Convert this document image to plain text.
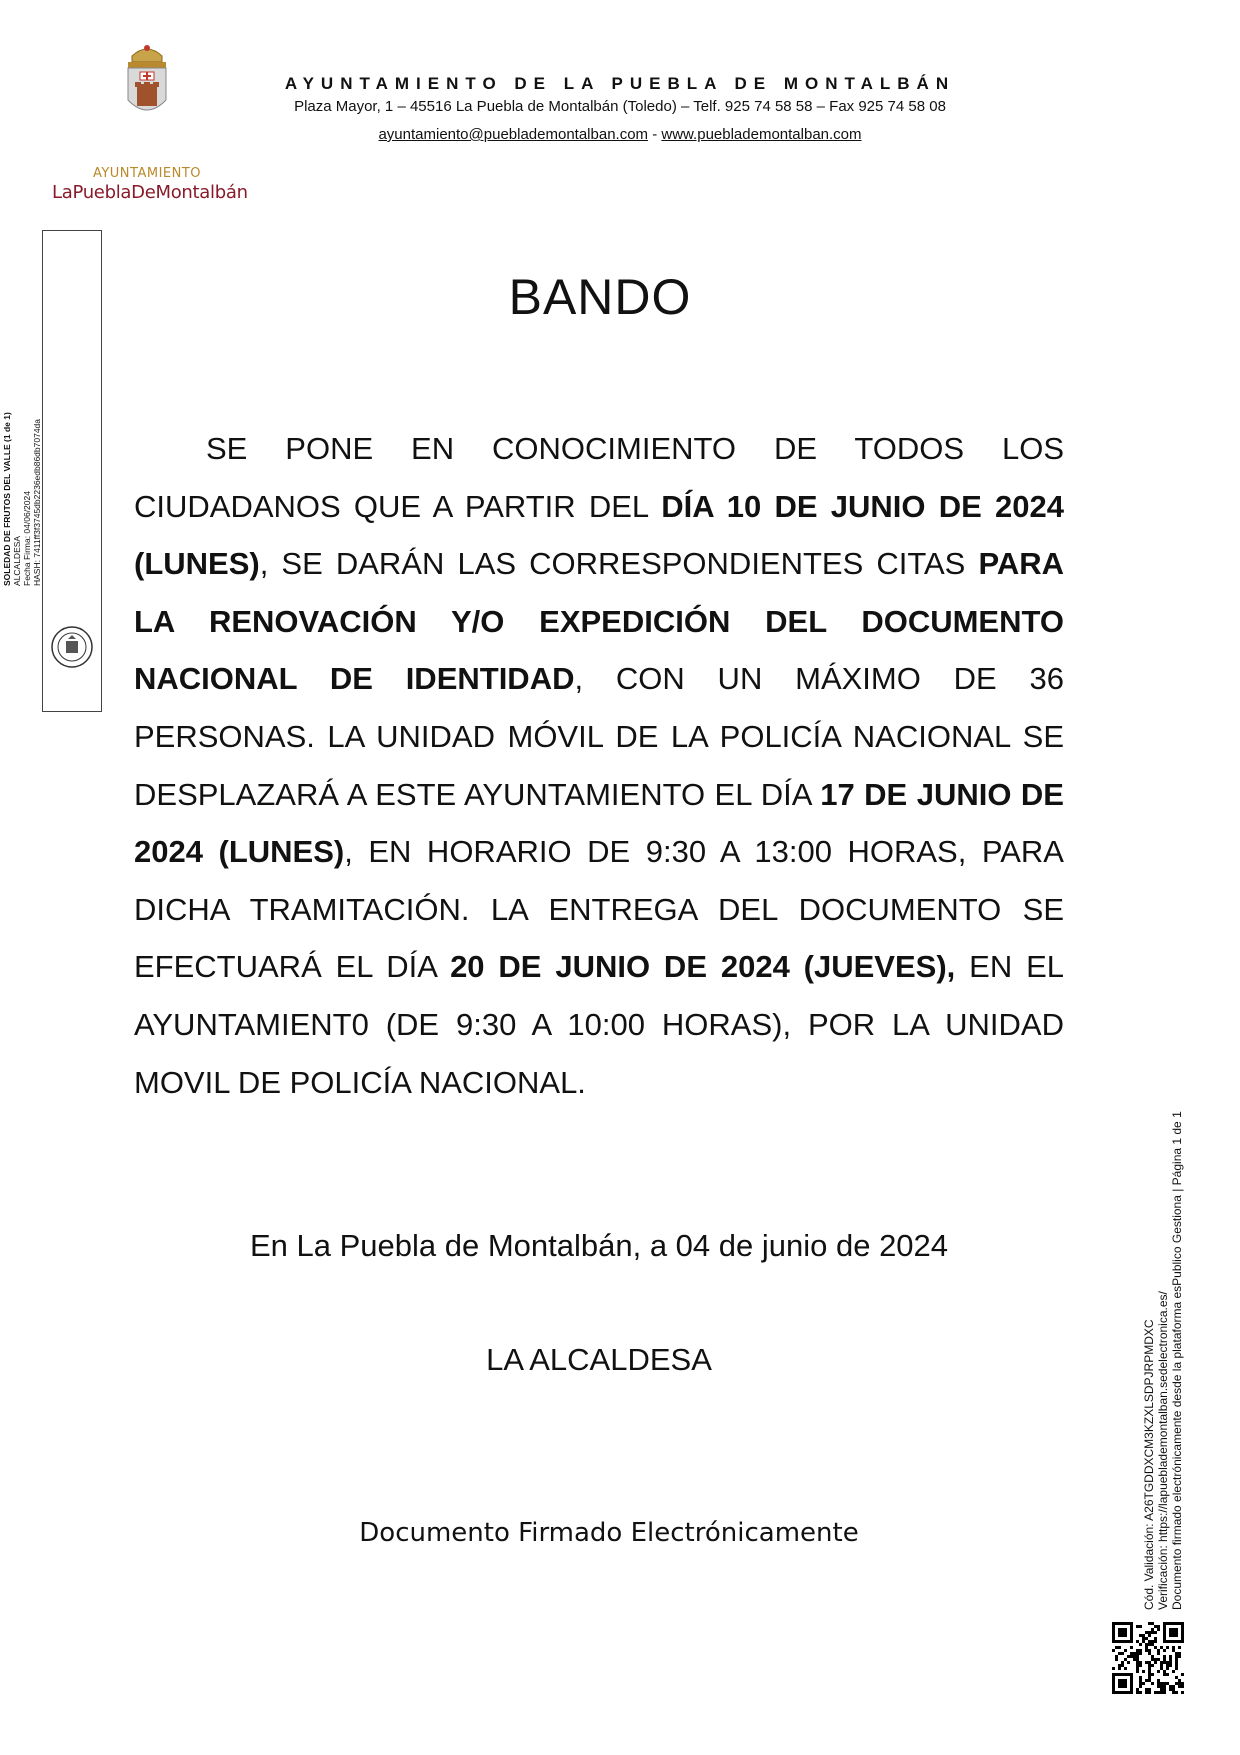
AYUNTAMIENTO
LaPueblaDeMontalbán
AYUNTAMIENTO DE LA PUEBLA DE MONTALBÁN
Plaza Mayor, 1 – 45516 La Puebla de Montalbán (Toledo) – Telf. 925 74 58 58 – Fax 925 74 58 08
ayuntamiento@pueblademontalban.com - www.pueblademontalban.com
SOLEDAD DE FRUTOS DEL VALLE (1 de 1) ALCALDESA Fecha Firma: 04/06/2024 HASH: 7411ff3f3745db2236edb86db7074da
BANDO
SE PONE EN CONOCIMIENTO DE TODOS LOS CIUDADANOS QUE A PARTIR DEL DÍA 10 DE JUNIO DE 2024 (LUNES), SE DARÁN LAS CORRESPONDIENTES CITAS PARA LA RENOVACIÓN Y/O EXPEDICIÓN DEL DOCUMENTO NACIONAL DE IDENTIDAD, CON UN MÁXIMO DE 36 PERSONAS. LA UNIDAD MÓVIL DE LA POLICÍA NACIONAL SE DESPLAZARÁ A ESTE AYUNTAMIENTO EL DÍA 17 DE JUNIO DE 2024 (LUNES), EN HORARIO DE 9:30 A 13:00 HORAS, PARA DICHA TRAMITACIÓN. LA ENTREGA DEL DOCUMENTO SE EFECTUARÁ EL DÍA 20 DE JUNIO DE 2024 (JUEVES), EN EL AYUNTAMIENT0 (DE 9:30 A 10:00 HORAS), POR LA UNIDAD MOVIL DE POLICÍA NACIONAL.
En La Puebla de Montalbán, a 04 de junio de 2024
LA ALCALDESA
Documento Firmado Electrónicamente	Cód. Validación: A26TGDDXCM3KZXLSDPJRPMDXC Verificación: https://lapueblademontalban.sedelectronica.es/ Documento firmado electrónicamente desde la plataforma esPublico Gestiona | Página 1 de 1
